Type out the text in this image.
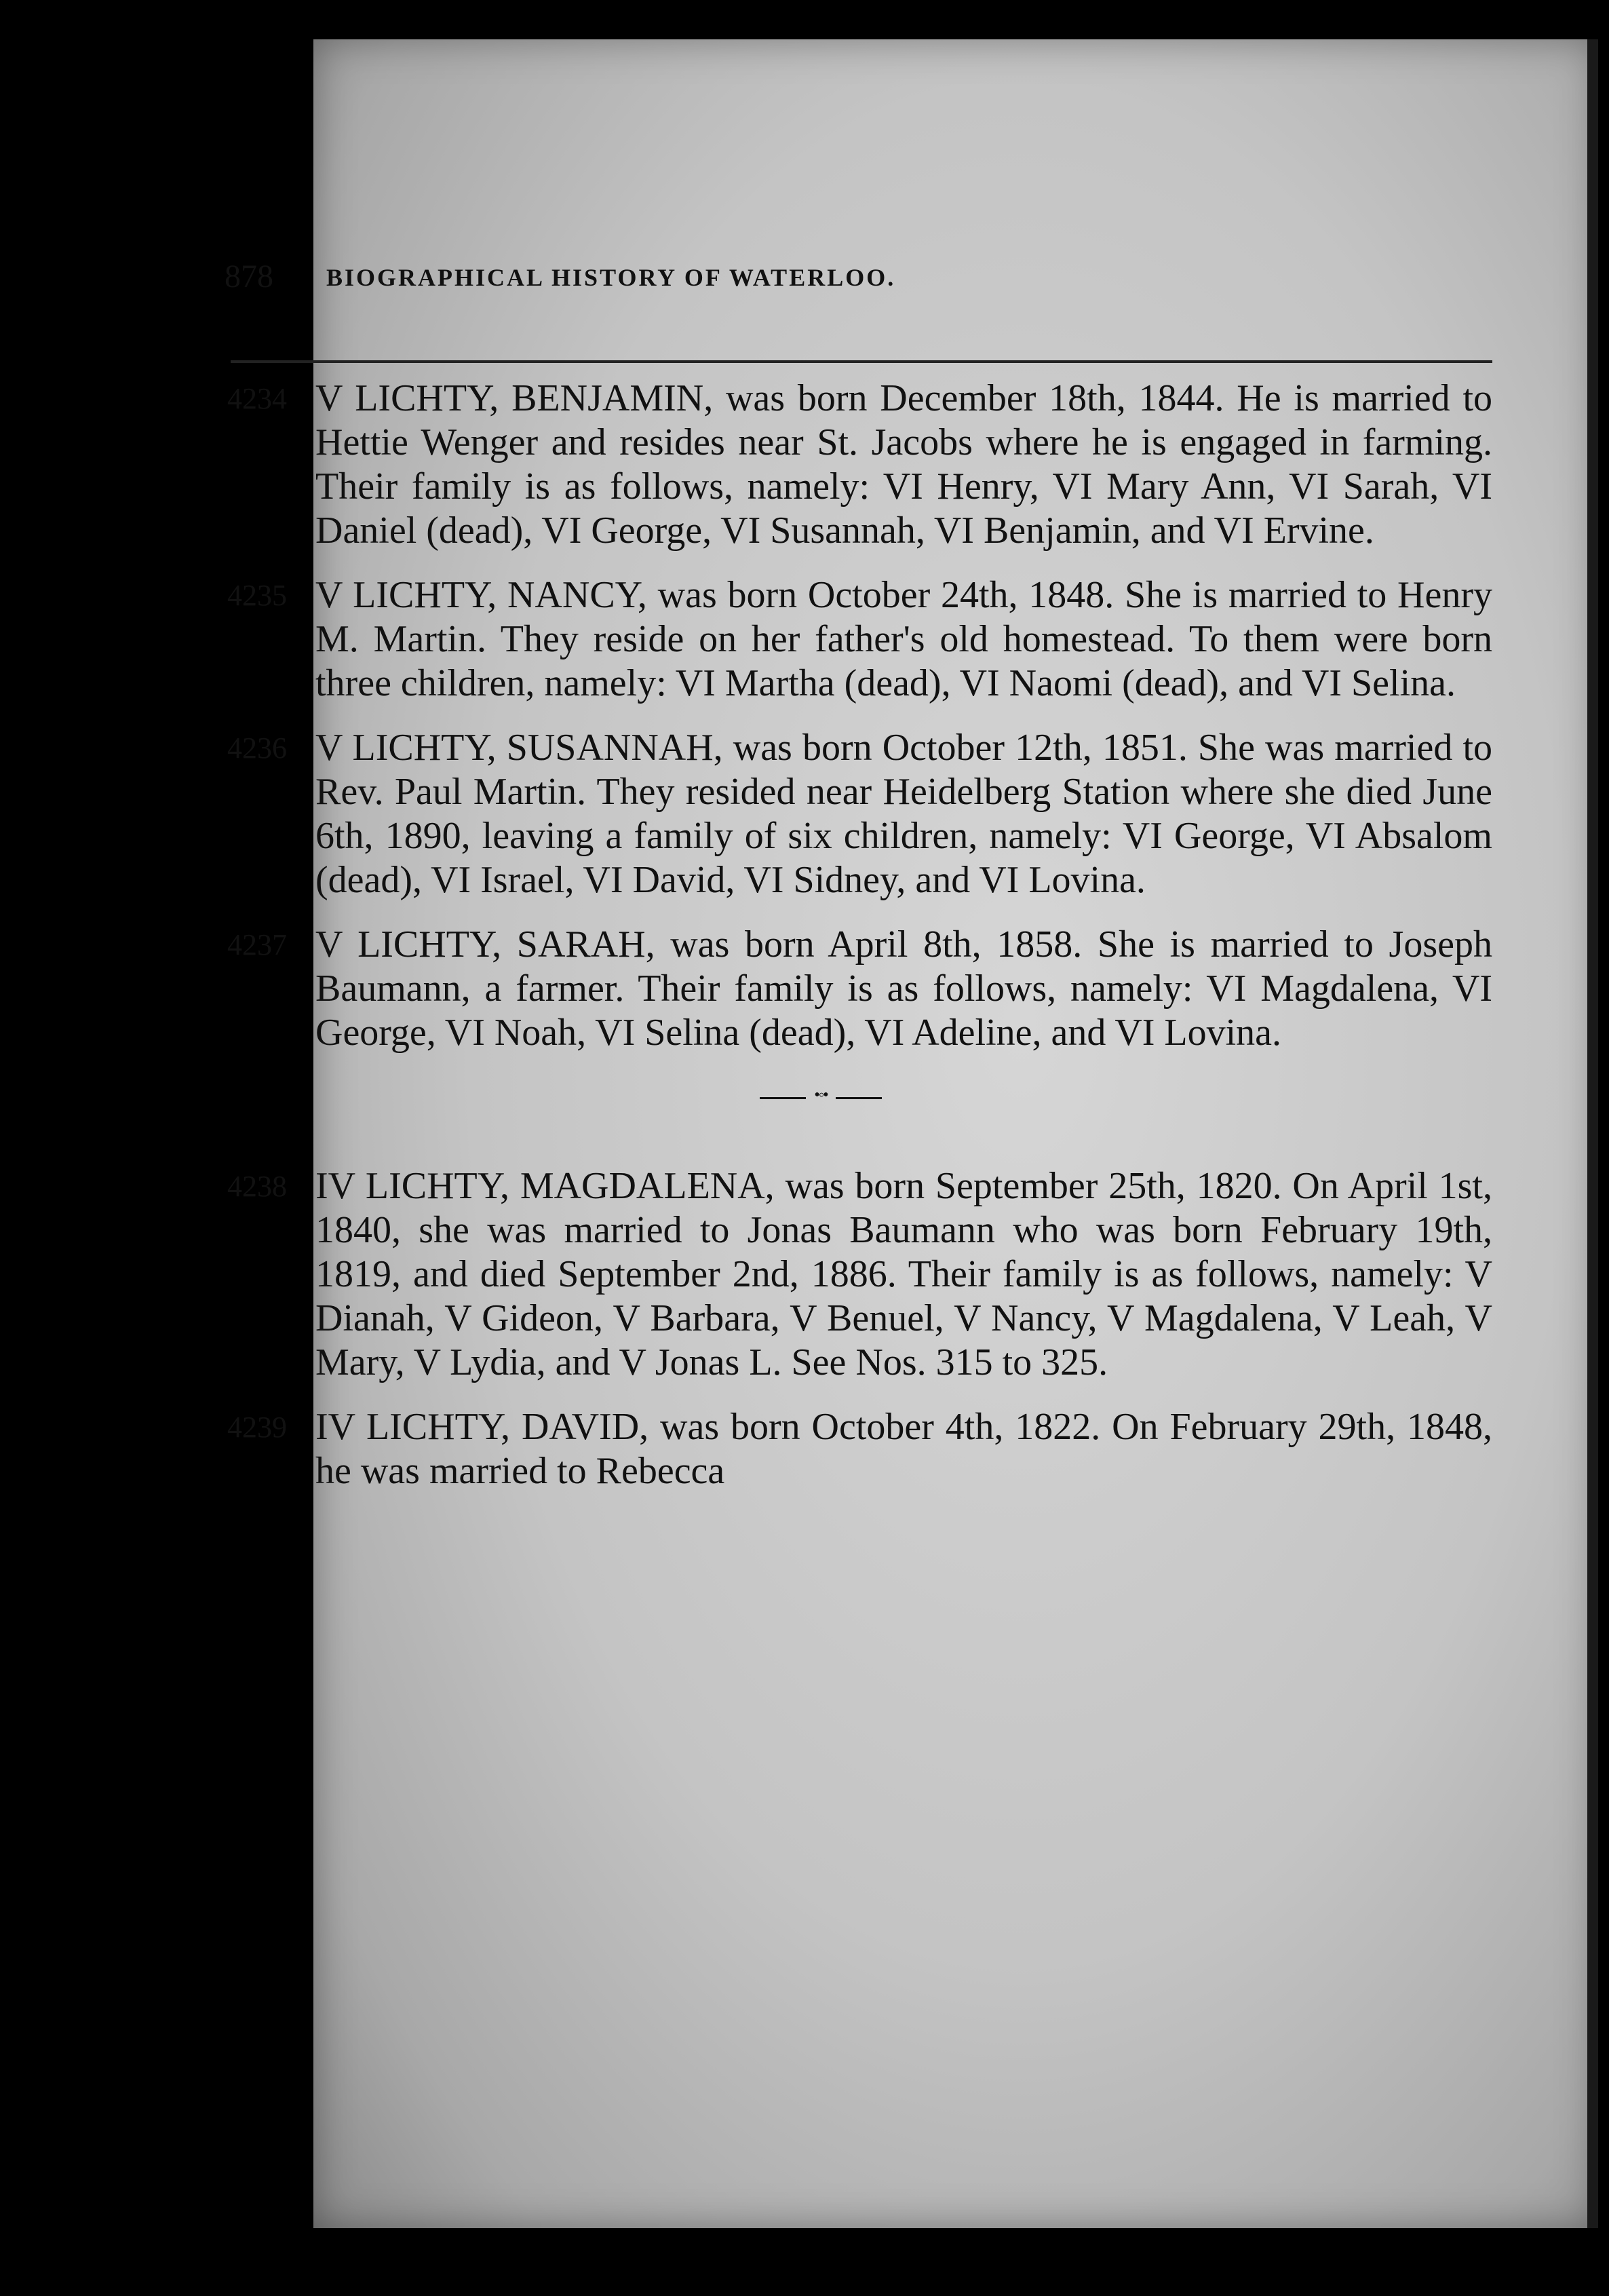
878 BIOGRAPHICAL HISTORY OF WATERLOO.
4234 V LICHTY, BENJAMIN, was born December 18th, 1844. He is married to Hettie Wenger and resides near St. Jacobs where he is engaged in farming. Their family is as follows, namely: VI Henry, VI Mary Ann, VI Sarah, VI Daniel (dead), VI George, VI Susannah, VI Benjamin, and VI Ervine.
4235 V LICHTY, NANCY, was born October 24th, 1848. She is married to Henry M. Martin. They reside on her father's old homestead. To them were born three children, namely: VI Martha (dead), VI Naomi (dead), and VI Selina.
4236 V LICHTY, SUSANNAH, was born October 12th, 1851. She was married to Rev. Paul Martin. They resided near Heidelberg Station where she died June 6th, 1890, leaving a family of six children, namely: VI George, VI Absalom (dead), VI Israel, VI David, VI Sidney, and VI Lovina.
4237 V LICHTY, SARAH, was born April 8th, 1858. She is married to Joseph Baumann, a farmer. Their family is as follows, namely: VI Magdalena, VI George, VI Noah, VI Selina (dead), VI Adeline, and VI Lovina.
•◦•
4238 IV LICHTY, MAGDALENA, was born September 25th, 1820. On April 1st, 1840, she was married to Jonas Baumann who was born February 19th, 1819, and died September 2nd, 1886. Their family is as follows, namely: V Dianah, V Gideon, V Barbara, V Benuel, V Nancy, V Magdalena, V Leah, V Mary, V Lydia, and V Jonas L. See Nos. 315 to 325.
4239 IV LICHTY, DAVID, was born October 4th, 1822. On February 29th, 1848, he was married to Rebecca
